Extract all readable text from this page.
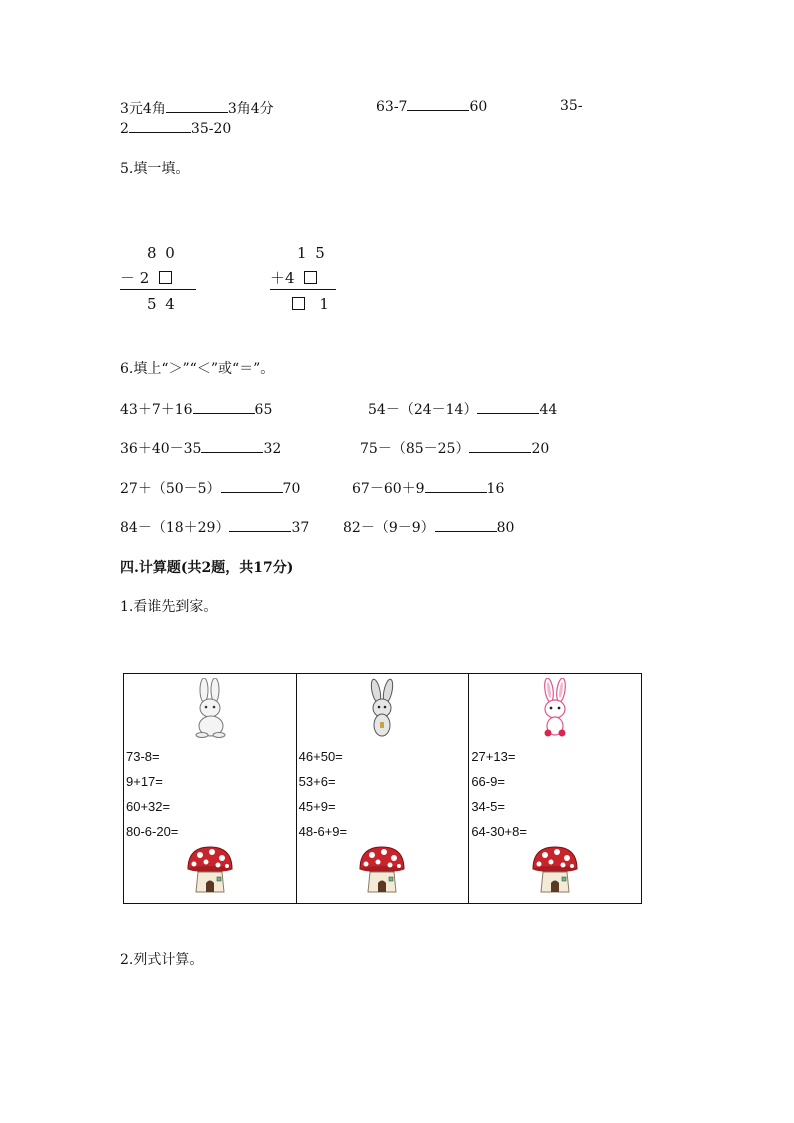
3元4角	3角4分	63-7	60	35-
2	35-20
5.填一填。
8 0
－ 2
5 4
1 5
＋4
1
6.填上“＞”“＜”或“＝”。
43＋7＋16	65	54－（24－14）	44
36＋40－35	32	75－（85－25）	20
27＋（50－5）	70	67－60＋9	16
84－（18＋29）	37 82－（9－9）	80
四.计算题(共2题，共17分)
1.看谁先到家。
73-8=
9+17=
60+32=
80-6-20=

46+50=
53+6=
45+9=
48-6+9=

27+13=
66-9=
34-5=
64-30+8=
2.列式计算。
